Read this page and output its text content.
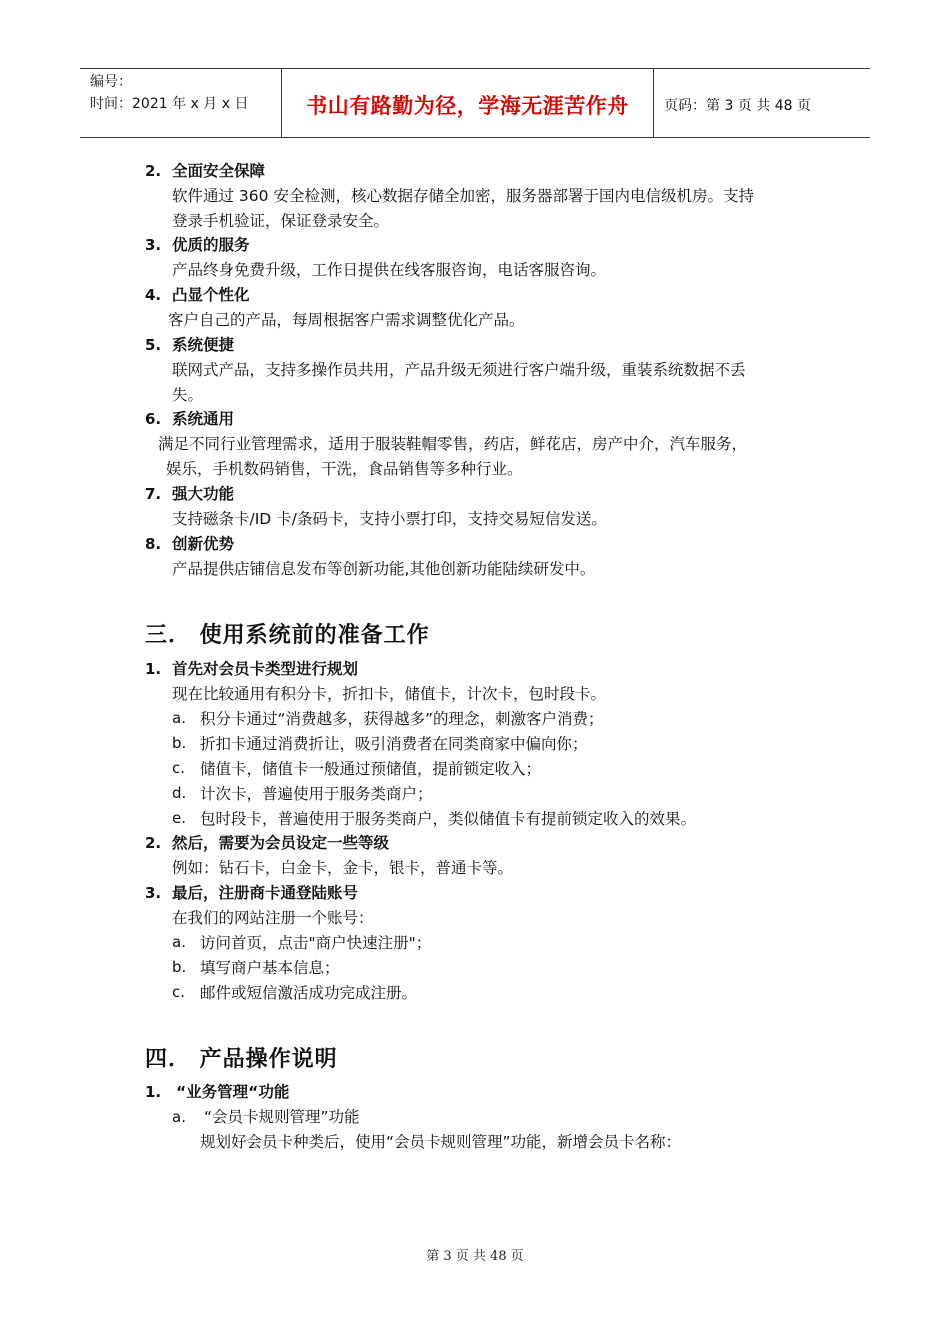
编号：
时间：2021 年 x 月 x 日	书山有路勤为径，学海无涯苦作舟	页码：第 3 页 共 48 页
2. 全面安全保障
软件通过 360 安全检测，核心数据存储全加密，服务器部署于国内电信级机房。支持
登录手机验证，保证登录安全。
3. 优质的服务
产品终身免费升级，工作日提供在线客服咨询，电话客服咨询。
4. 凸显个性化
客户自己的产品，每周根据客户需求调整优化产品。
5. 系统便捷
联网式产品，支持多操作员共用，产品升级无须进行客户端升级，重装系统数据不丢
失。
6. 系统通用
满足不同行业管理需求，适用于服装鞋帽零售，药店，鲜花店，房产中介，汽车服务，
娱乐，手机数码销售，干洗，食品销售等多种行业。
7. 强大功能
支持磁条卡/ID 卡/条码卡，支持小票打印，支持交易短信发送。
8. 创新优势
产品提供店铺信息发布等创新功能,其他创新功能陆续研发中。
三． 使用系统前的准备工作
1. 首先对会员卡类型进行规划
现在比较通用有积分卡，折扣卡，储值卡，计次卡，包时段卡。
a. 积分卡通过“消费越多，获得越多”的理念，刺激客户消费；
b. 折扣卡通过消费折让，吸引消费者在同类商家中偏向你；
c. 储值卡，储值卡一般通过预储值，提前锁定收入；
d. 计次卡，普遍使用于服务类商户；
e. 包时段卡，普遍使用于服务类商户，类似储值卡有提前锁定收入的效果。
2. 然后，需要为会员设定一些等级
例如：钻石卡，白金卡，金卡，银卡，普通卡等。
3. 最后，注册商卡通登陆账号
在我们的网站注册一个账号：
a. 访问首页，点击"商户快速注册"；
b. 填写商户基本信息；
c. 邮件或短信激活成功完成注册。
四． 产品操作说明
1. “业务管理“功能
a. “会员卡规则管理”功能
规划好会员卡种类后，使用“会员卡规则管理”功能，新增会员卡名称：
第 3 页 共 48 页
